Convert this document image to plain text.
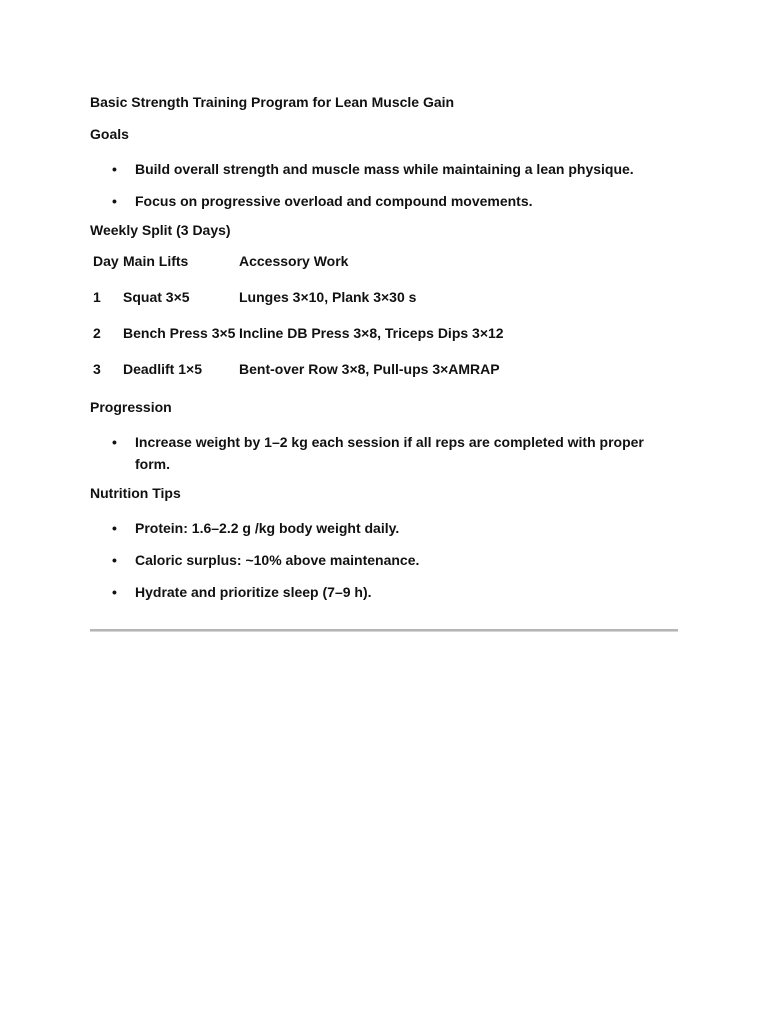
Basic Strength Training Program for Lean Muscle Gain

Goals

• Build overall strength and muscle mass while maintaining a lean physique.
• Focus on progressive overload and compound movements.

Weekly Split (3 Days)

Day	Main Lifts	Accessory Work
1	Squat 3×5	Lunges 3×10, Plank 3×30 s
2	Bench Press 3×5	Incline DB Press 3×8, Triceps Dips 3×12
3	Deadlift 1×5	Bent-over Row 3×8, Pull-ups 3×AMRAP

Progression

• Increase weight by 1–2 kg each session if all reps are completed with proper form.

Nutrition Tips

• Protein: 1.6–2.2 g /kg body weight daily.
• Caloric surplus: ~10% above maintenance.
• Hydrate and prioritize sleep (7–9 h).
